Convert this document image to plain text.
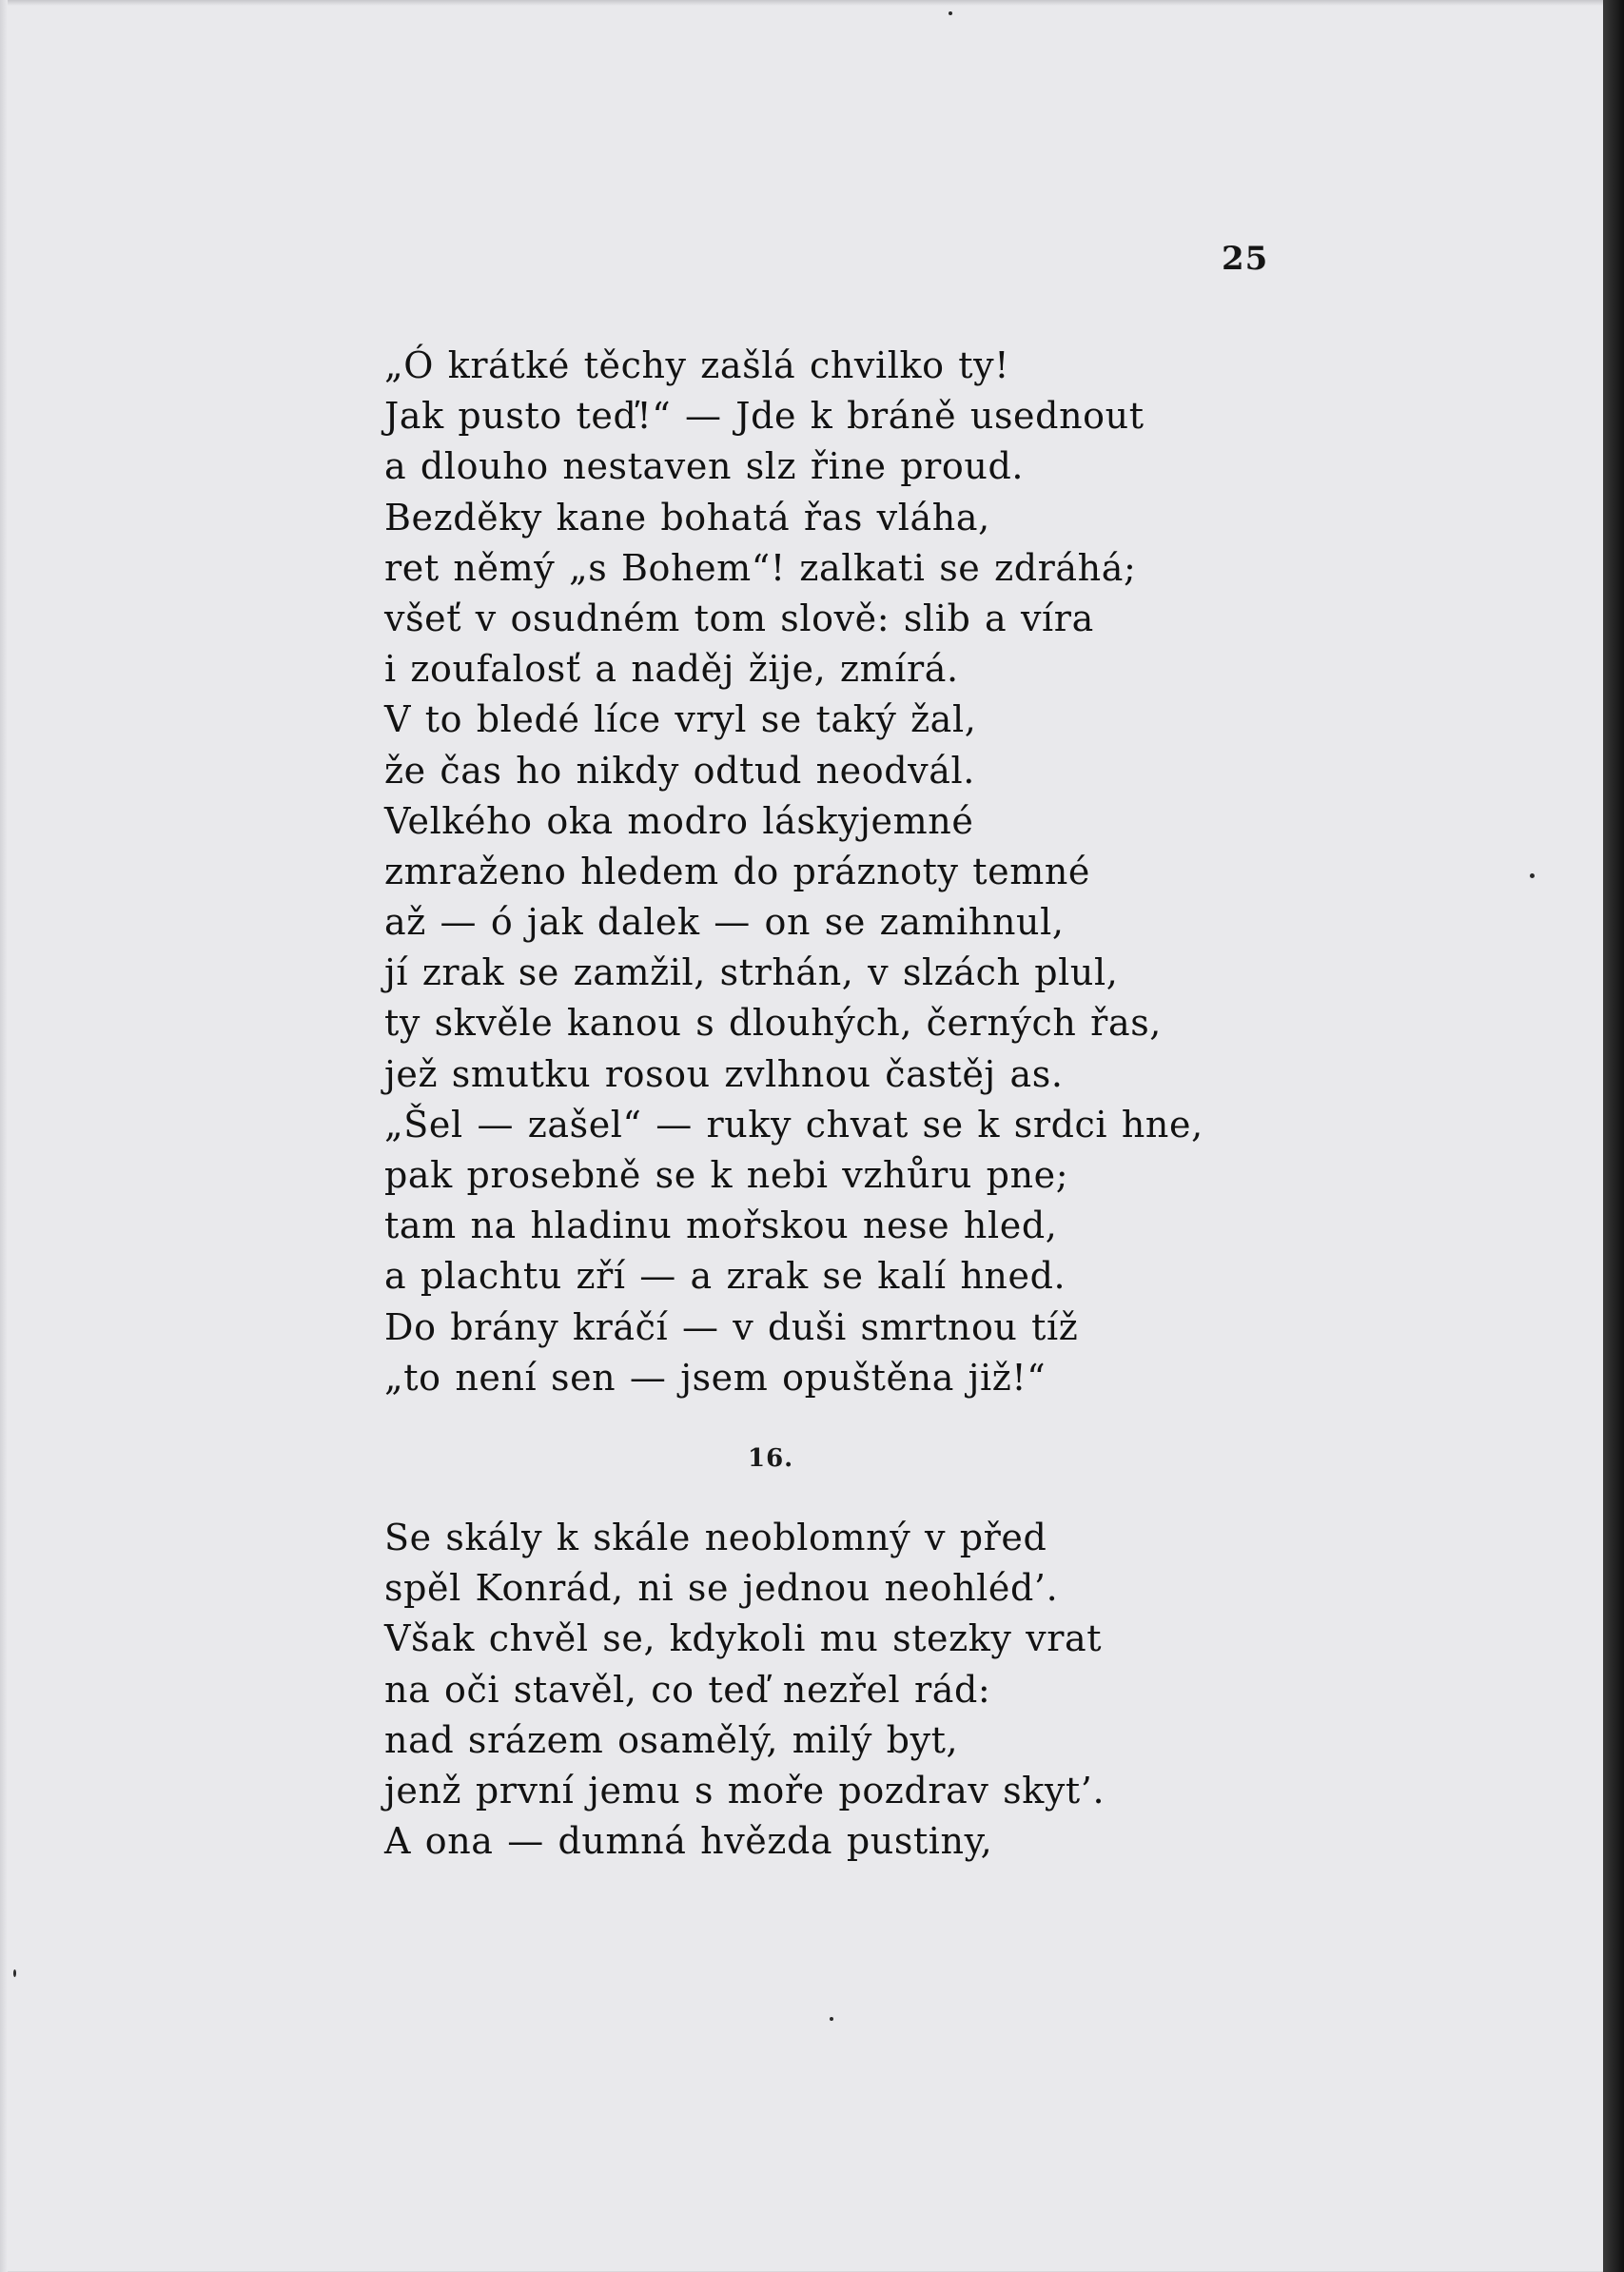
25
„Ó krátké těchy zašlá chvilko ty!
Jak pusto teď!“ — Jde k bráně usednout
a dlouho nestaven slz řine proud.
Bezděky kane bohatá řas vláha,
ret němý „s Bohem“! zalkati se zdráhá;
všeť v osudném tom slově: slib a víra
i zoufalosť a naděj žije, zmírá.
V to bledé líce vryl se taký žal,
že čas ho nikdy odtud neodvál.
Velkého oka modro láskyjemné
zmraženo hledem do práznoty temné
až — ó jak dalek — on se zamihnul,
jí zrak se zamžil, strhán, v slzách plul,
ty skvěle kanou s dlouhých, černých řas,
jež smutku rosou zvlhnou častěj as.
„Šel — zašel“ — ruky chvat se k srdci hne,
pak prosebně se k nebi vzhůru pne;
tam na hladinu mořskou nese hled,
a plachtu zří — a zrak se kalí hned.
Do brány kráčí — v duši smrtnou tíž
„to není sen — jsem opuštěna již!“
16.
Se skály k skále neoblomný v před
spěl Konrád, ni se jednou neohléd’.
Však chvěl se, kdykoli mu stezky vrat
na oči stavěl, co teď nezřel rád:
nad srázem osamělý, milý byt,
jenž první jemu s moře pozdrav skyt’.
A ona — dumná hvězda pustiny,
